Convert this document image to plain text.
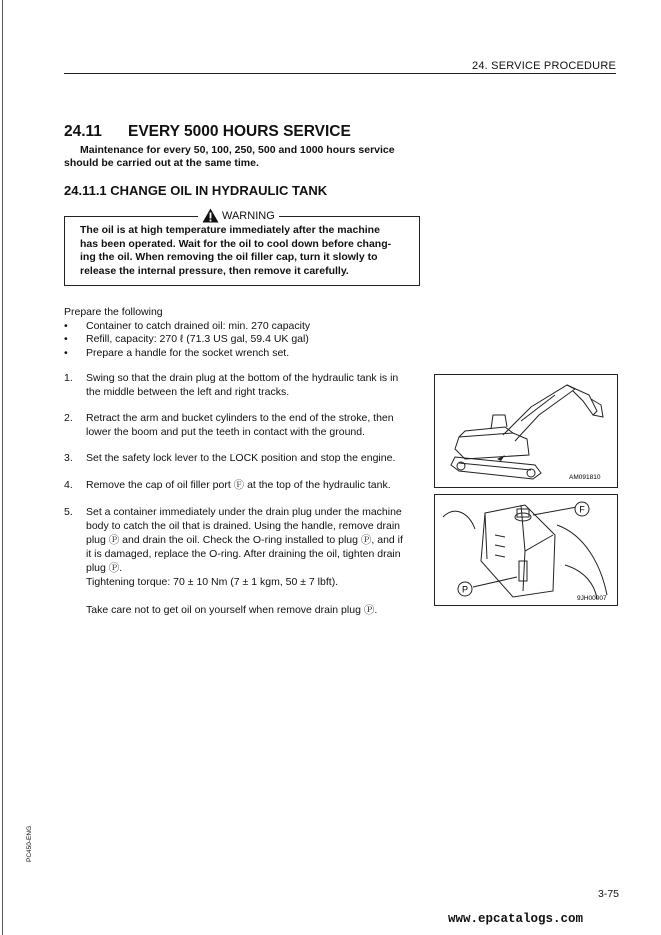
24. SERVICE PROCEDURE
24.11 EVERY 5000 HOURS SERVICE
Maintenance for every 50, 100, 250, 500 and 1000 hours service
should be carried out at the same time.
24.11.1 CHANGE OIL IN HYDRAULIC TANK
WARNING
The oil is at high temperature immediately after the machine
has been operated. Wait for the oil to cool down before chang-
ing the oil. When removing the oil filler cap, turn it slowly to
release the internal pressure, then remove it carefully.
Prepare the following
•	Container to catch drained oil: min. 270 capacity
•	Refill, capacity: 270 ℓ (71.3 US gal, 59.4 UK gal)
•	Prepare a handle for the socket wrench set.
1.	Swing so that the drain plug at the bottom of the hydraulic tank is in
the middle between the left and right tracks.
2.	Retract the arm and bucket cylinders to the end of the stroke, then
lower the boom and put the teeth in contact with the ground.
3.	Set the safety lock lever to the LOCK position and stop the engine.
4.	Remove the cap of oil filler port Ⓕ at the top of the hydraulic tank.
5.	Set a container immediately under the drain plug under the machine
body to catch the oil that is drained. Using the handle, remove drain
plug Ⓟ and drain the oil. Check the O-ring installed to plug Ⓟ, and if
it is damaged, replace the O-ring. After draining the oil, tighten drain
plug Ⓟ.
Tightening torque: 70 ± 10 Nm (7 ± 1 kgm, 50 ± 7 lbft).
Take care not to get oil on yourself when remove drain plug Ⓟ.
AM091810
F
P
9JH00007
PC450-ENG
3-75
www.epcatalogs.com
